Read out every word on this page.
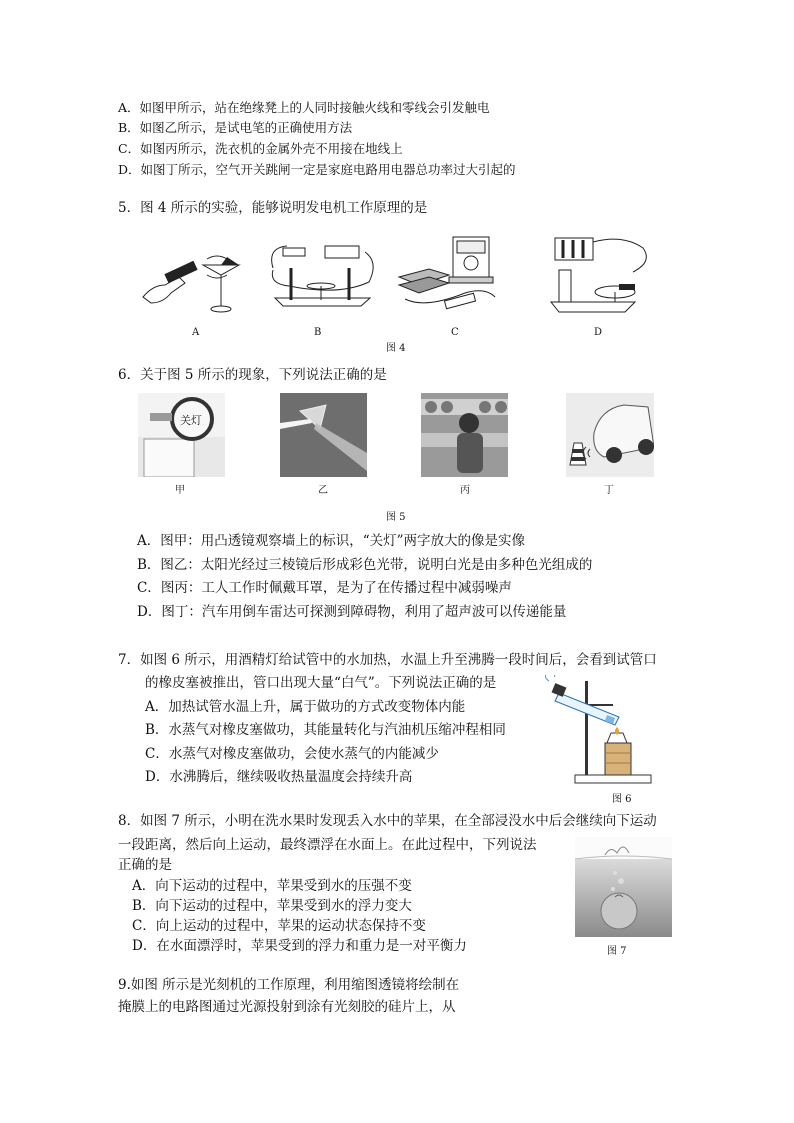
A．如图甲所示，站在绝缘凳上的人同时接触火线和零线会引发触电
B．如图乙所示，是试电笔的正确使用方法
C．如图丙所示，洗衣机的金属外壳不用接在地线上
D．如图丁所示，空气开关跳闸一定是家庭电路用电器总功率过大引起的
5．图 4 所示的实验，能够说明发电机工作原理的是
A	B	C	D
图 4
6．关于图 5 所示的现象，下列说法正确的是
关灯
甲	乙	丙	丁
图 5
A．图甲：用凸透镜观察墙上的标识，“关灯”两字放大的像是实像
B．图乙：太阳光经过三棱镜后形成彩色光带，说明白光是由多种色光组成的
C．图丙：工人工作时佩戴耳罩，是为了在传播过程中减弱噪声
D．图丁：汽车用倒车雷达可探测到障碍物，利用了超声波可以传递能量
7．如图 6 所示，用酒精灯给试管中的水加热，水温上升至沸腾一段时间后，会看到试管口
的橡皮塞被推出，管口出现大量“白气”。下列说法正确的是
A．加热试管水温上升，属于做功的方式改变物体内能
B．水蒸气对橡皮塞做功，其能量转化与汽油机压缩冲程相同
C．水蒸气对橡皮塞做功，会使水蒸气的内能减少
D．水沸腾后，继续吸收热量温度会持续升高
图 6
8．如图 7 所示，小明在洗水果时发现丢入水中的苹果，在全部浸没水中后会继续向下运动
一段距离，然后向上运动，最终漂浮在水面上。在此过程中，下列说法
正确的是
A．向下运动的过程中，苹果受到水的压强不变
B．向下运动的过程中，苹果受到水的浮力变大
C．向上运动的过程中，苹果的运动状态保持不变
D．在水面漂浮时，苹果受到的浮力和重力是一对平衡力	图 7
9.如图 所示是光刻机的工作原理，利用缩图透镜将绘制在
掩膜上的电路图通过光源投射到涂有光刻胶的硅片上，从
